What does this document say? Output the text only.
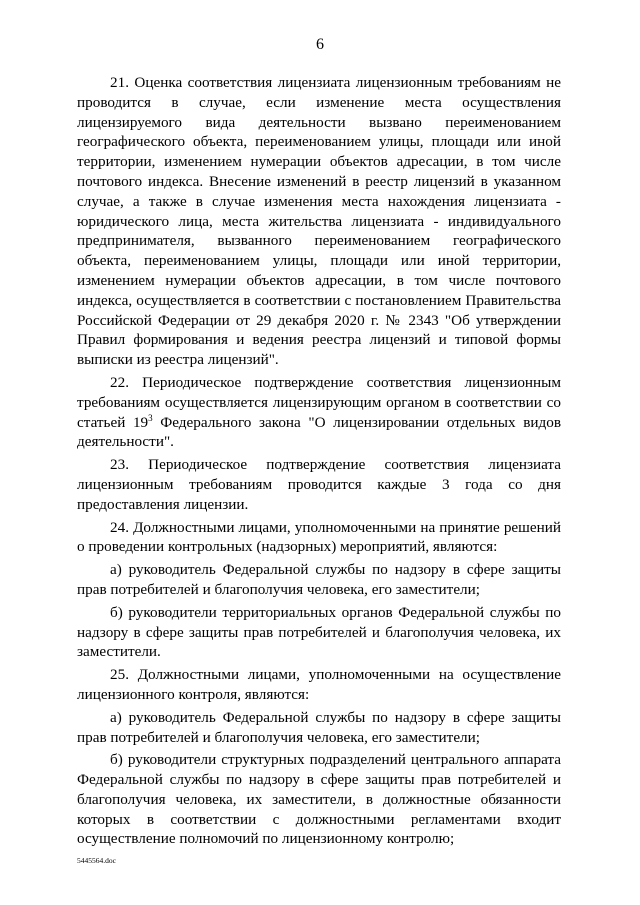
6

21. Оценка соответствия лицензиата лицензионным требованиям не проводится в случае, если изменение места осуществления лицензируемого вида деятельности вызвано переименованием географического объекта, переименованием улицы, площади или иной территории, изменением нумерации объектов адресации, в том числе почтового индекса. Внесение изменений в реестр лицензий в указанном случае, а также в случае изменения места нахождения лицензиата - юридического лица, места жительства лицензиата - индивидуального предпринимателя, вызванного переименованием географического объекта, переименованием улицы, площади или иной территории, изменением нумерации объектов адресации, в том числе почтового индекса, осуществляется в соответствии с постановлением Правительства Российской Федерации от 29 декабря 2020 г. № 2343 "Об утверждении Правил формирования и ведения реестра лицензий и типовой формы выписки из реестра лицензий".

22. Периодическое подтверждение соответствия лицензионным требованиям осуществляется лицензирующим органом в соответствии со статьей $19^3$ Федерального закона "О лицензировании отдельных видов деятельности".

23. Периодическое подтверждение соответствия лицензиата лицензионным требованиям проводится каждые 3 года со дня предоставления лицензии.

24. Должностными лицами, уполномоченными на принятие решений о проведении контрольных (надзорных) мероприятий, являются:

а) руководитель Федеральной службы по надзору в сфере защиты прав потребителей и благополучия человека, его заместители;

б) руководители территориальных органов Федеральной службы по надзору в сфере защиты прав потребителей и благополучия человека, их заместители.

25. Должностными лицами, уполномоченными на осуществление лицензионного контроля, являются:

а) руководитель Федеральной службы по надзору в сфере защиты прав потребителей и благополучия человека, его заместители;

б) руководители структурных подразделений центрального аппарата Федеральной службы по надзору в сфере защиты прав потребителей и благополучия человека, их заместители, в должностные обязанности которых в соответствии с должностными регламентами входит осуществление полномочий по лицензионному контролю;

5445564.doc
